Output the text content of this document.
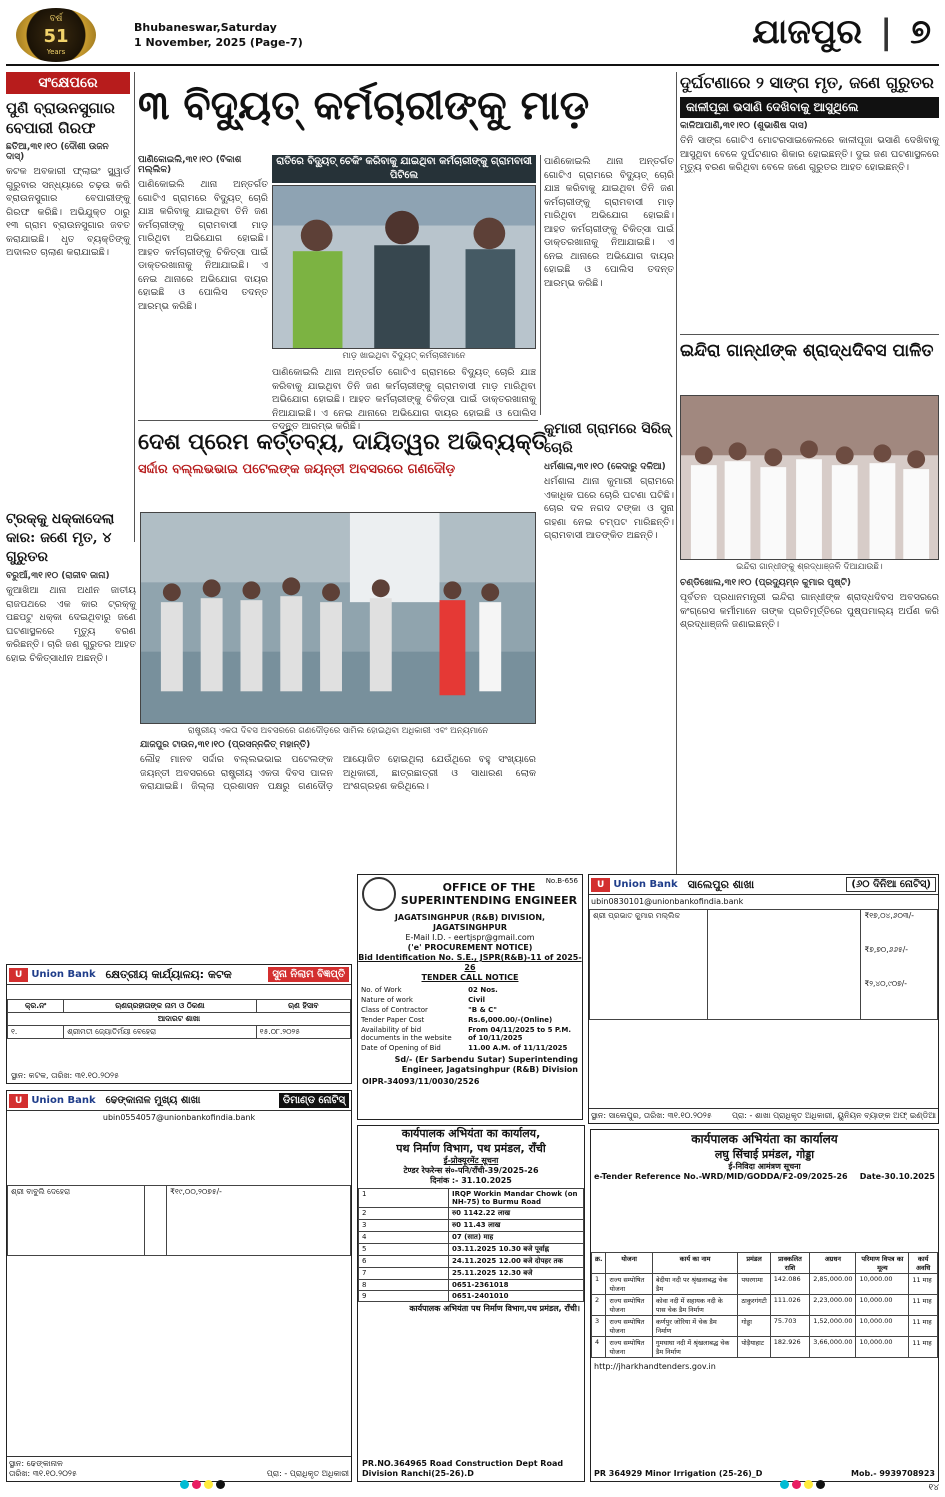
ବର୍ଷ
51
Years
Bhubaneswar,Saturday
1 November, 2025 (Page-7)	ଯାଜପୁର | ୭
ସଂକ୍ଷେପରେ
ପୁଣି ବ୍ରାଉନସୁଗାର ବେପାରୀ ଗିରଫ
ଛତିଆ,୩୧।୧୦ (ଦୌଶୀ ଉଜନ ଦାସ୍)
କଟକ ଅବକାରୀ ଫ୍ଲାଇଂ ସ୍କ୍ୱାର୍ଡ ଗୁରୁବାର ସନ୍ଧ୍ୟାରେ ଚଢ଼ଉ କରି ବ୍ରାଉନସୁଗାର ବେପାରୀଙ୍କୁ ଗିରଫ କରିଛି। ଅଭିଯୁକ୍ତ ଠାରୁ ୧୩ ଗ୍ରାମ ବ୍ରାଉନସୁଗାର ଜବତ କରାଯାଇଛି। ଧୃତ ବ୍ୟକ୍ତିଙ୍କୁ ଅଦାଲତ ଚାଲାଣ କରାଯାଇଛି।
୩ ବିଦ୍ୟୁତ୍ କର୍ମଚାରୀଙ୍କୁ ମାଡ଼
ପାଣିକୋଇଲି,୩୧।୧୦ (ବିକାଶ ମଲ୍ଲିକ)
ପାଣିକୋଇଲି ଥାନା ଅନ୍ତର୍ଗତ ଗୋଟିଏ ଗ୍ରାମରେ ବିଦ୍ୟୁତ୍ ଚୋରି ଯାଞ୍ଚ କରିବାକୁ ଯାଇଥିବା ତିନି ଜଣ କର୍ମଚାରୀଙ୍କୁ ଗ୍ରାମବାସୀ ମାଡ଼ ମାରିଥିବା ଅଭିଯୋଗ ହୋଇଛି। ଆହତ କର୍ମଚାରୀଙ୍କୁ ଚିକିତ୍ସା ପାଇଁ ଡାକ୍ତରଖାନାକୁ ନିଆଯାଇଛି। ଏ ନେଇ ଥାନାରେ ଅଭିଯୋଗ ଦାୟର ହୋଇଛି ଓ ପୋଲିସ ତଦନ୍ତ ଆରମ୍ଭ କରିଛି।
ରାତିରେ ବିଦ୍ୟୁତ୍ ଚେକିଂ କରିବାକୁ ଯାଇଥିବା କର୍ମଚାରୀଙ୍କୁ ଗ୍ରାମବାସୀ ପିଟିଲେ
ମାଡ଼ ଖାଇଥିବା ବିଦ୍ୟୁତ୍ କର୍ମଚାରୀମାନେ
ପାଣିକୋଇଲି ଥାନା ଅନ୍ତର୍ଗତ ଗୋଟିଏ ଗ୍ରାମରେ ବିଦ୍ୟୁତ୍ ଚୋରି ଯାଞ୍ଚ କରିବାକୁ ଯାଇଥିବା ତିନି ଜଣ କର୍ମଚାରୀଙ୍କୁ ଗ୍ରାମବାସୀ ମାଡ଼ ମାରିଥିବା ଅଭିଯୋଗ ହୋଇଛି। ଆହତ କର୍ମଚାରୀଙ୍କୁ ଚିକିତ୍ସା ପାଇଁ ଡାକ୍ତରଖାନାକୁ ନିଆଯାଇଛି। ଏ ନେଇ ଥାନାରେ ଅଭିଯୋଗ ଦାୟର ହୋଇଛି ଓ ପୋଲିସ ତଦନ୍ତ ଆରମ୍ଭ କରିଛି।
ପାଣିକୋଇଲି ଥାନା ଅନ୍ତର୍ଗତ ଗୋଟିଏ ଗ୍ରାମରେ ବିଦ୍ୟୁତ୍ ଚୋରି ଯାଞ୍ଚ କରିବାକୁ ଯାଇଥିବା ତିନି ଜଣ କର୍ମଚାରୀଙ୍କୁ ଗ୍ରାମବାସୀ ମାଡ଼ ମାରିଥିବା ଅଭିଯୋଗ ହୋଇଛି। ଆହତ କର୍ମଚାରୀଙ୍କୁ ଚିକିତ୍ସା ପାଇଁ ଡାକ୍ତରଖାନାକୁ ନିଆଯାଇଛି। ଏ ନେଇ ଥାନାରେ ଅଭିଯୋଗ ଦାୟର ହୋଇଛି ଓ ପୋଲିସ ତଦନ୍ତ ଆରମ୍ଭ କରିଛି।
ଦୁର୍ଘଟଣାରେ ୨ ସାଙ୍ଗ ମୃତ, ଜଣେ ଗୁରୁତର
କାଳୀପୂଜା ଭସାଣି ଦେଖିବାକୁ ଆସୁଥିଲେ
କାଳିଆପାଣି,୩୧।୧୦ (ଶୁଭାଶିଷ ଦାସ)
ତିନି ସାଙ୍ଗ ଗୋଟିଏ ମୋଟରସାଇକେଲରେ କାଳୀପୂଜା ଭସାଣି ଦେଖିବାକୁ ଆସୁଥିବା ବେଳେ ଦୁର୍ଘଟଣାର ଶିକାର ହୋଇଛନ୍ତି। ଦୁଇ ଜଣ ଘଟଣାସ୍ଥଳରେ ମୃତ୍ୟୁ ବରଣ କରିଥିବା ବେଳେ ଜଣେ ଗୁରୁତର ଆହତ ହୋଇଛନ୍ତି।
ଇନ୍ଦିରା ଗାନ୍ଧୀଙ୍କ ଶ୍ରାଦ୍ଧଦିବସ ପାଳିତ
ଇନ୍ଦିରା ଗାନ୍ଧୀଙ୍କୁ ଶ୍ରଦ୍ଧାଞ୍ଜଳି ଦିଆଯାଉଛି।
ଚଣ୍ଡିଖୋଲ,୩୧।୧୦ (ପ୍ରଦ୍ୟୁମ୍ନ କୁମାର ପୃଷ୍ଟି)
ପୂର୍ବତନ ପ୍ରଧାନମନ୍ତ୍ରୀ ଇନ୍ଦିରା ଗାନ୍ଧୀଙ୍କ ଶ୍ରାଦ୍ଧଦିବସ ଅବସରରେ କଂଗ୍ରେସ କର୍ମୀମାନେ ତାଙ୍କ ପ୍ରତିମୂର୍ତ୍ତିରେ ପୁଷ୍ପମାଲ୍ୟ ଅର୍ପଣ କରି ଶ୍ରଦ୍ଧାଞ୍ଜଳି ଜଣାଇଛନ୍ତି।
ଟ୍ରକ୍‌କୁ ଧକ୍କାଦେଲା କାର: ଜଣେ ମୃତ, ୪ ଗୁରୁତର
ବରୁଆଁ,୩୧।୧୦ (ରାଜୀବ ଜାନା)
କୁଆଖିଆ ଥାନା ଅଧୀନ ଜାତୀୟ ରାଜପଥରେ ଏକ କାର ଟ୍ରକ୍‌କୁ ପଛପଟୁ ଧକ୍କା ଦେଇଥିବାରୁ ଜଣେ ଘଟଣାସ୍ଥଳରେ ମୃତ୍ୟୁ ବରଣ କରିଛନ୍ତି। ଚାରି ଜଣ ଗୁରୁତର ଆହତ ହୋଇ ଚିକିତ୍ସାଧୀନ ଅଛନ୍ତି।
ଦେଶ ପ୍ରେମ କର୍ତ୍ତବ୍ୟ, ଦାୟିତ୍ୱର ଅଭିବ୍ୟକ୍ତି
ସର୍ଦ୍ଦାର ବଲ୍ଲଭଭାଇ ପଟେଲଙ୍କ ଜୟନ୍ତୀ ଅବସରରେ ଗଣଦୌଡ଼
ରାଷ୍ଟ୍ରୀୟ ଏକତା ଦିବସ ଅବସରରେ ଗଣଦୌଡ଼ରେ ସାମିଲ ହୋଇଥିବା ଅଧିକାରୀ ଏବଂ ଅନ୍ୟମାନେ
ଯାଜପୁର ଟାଉନ,୩୧।୧୦ (ପ୍ରସନ୍ନଜିତ୍ ମହାନ୍ତି)
ଲୌହ ମାନବ ସର୍ଦ୍ଦାର ବଲ୍ଲଭଭାଇ ପଟେଲଙ୍କ ଜୟନ୍ତୀ ଅବସରରେ ରାଷ୍ଟ୍ରୀୟ ଏକତା ଦିବସ ପାଳନ କରାଯାଇଛି। ଜିଲ୍ଲା ପ୍ରଶାସନ ପକ୍ଷରୁ ଗଣଦୌଡ଼ ଆୟୋଜିତ ହୋଇଥିଲା ଯେଉଁଥିରେ ବହୁ ସଂଖ୍ୟାରେ ଅଧିକାରୀ, ଛାତ୍ରଛାତ୍ରୀ ଓ ସାଧାରଣ ଲୋକ ଅଂଶଗ୍ରହଣ କରିଥିଲେ।
କୁମାରୀ ଗ୍ରାମରେ ସିରିଜ୍ ଚୋରି
ଧର୍ମଶାଳା,୩୧।୧୦ (କେଦାରୁ ଦଳିଆ)
ଧର୍ମଶାଳା ଥାନା କୁମାରୀ ଗ୍ରାମରେ ଏକାଧିକ ଘରେ ଚୋରି ଘଟଣା ଘଟିଛି। ଚୋର ଦଳ ନଗଦ ଟଙ୍କା ଓ ସୁନା ଗହଣା ନେଇ ଚମ୍ପଟ ମାରିଛନ୍ତି। ଗ୍ରାମବାସୀ ଆତଙ୍କିତ ଅଛନ୍ତି।
No.B-656
OFFICE OF THE
SUPERINTENDING ENGINEER
JAGATSINGHPUR (R&B) DIVISION, JAGATSINGHPUR
E-Mail I.D. - eertjspr@gmail.com
('e' PROCUREMENT NOTICE)
Bid Identification No. S.E., JSPR(R&B)-11 of 2025-26
TENDER CALL NOTICE
No. of Work	02 Nos.
Nature of work	Civil
Class of Contractor	"B & C"
Tender Paper Cost	Rs.6,000.00/-(Online)
Availability of bid documents in the website	From 04/11/2025 to 5 P.M. of 10/11/2025
Date of Opening of Bid	11.00 A.M. of 11/11/2025
Sd/- (Er Sarbendu Sutar) Superintending Engineer, Jagatsinghpur (R&B) Division
OIPR-34093/11/0030/2526
U Union Bank ସାଲେପୁର ଶାଖା	(୬୦ ଦିନିଆ ନୋଟିସ୍)
ubin0830101@unionbankofindia.bank
ଶ୍ରୀ ପ୍ରଭାତ କୁମାର ମଲ୍ଲିକ		₹୧୭,୦୪,୬୦୩/-
₹୭,୭୦,୬୬୫/-
₹୨,୪୦,୯୦୭/-
ସ୍ଥାନ: ସାଲେପୁର, ତାରିଖ: ୩୧.୧୦.୨୦୨୫	ପ୍ରା: - ଶାଖା ପ୍ରାଧିକୃତ ଅଧିକାରୀ, ୟୁନିୟନ ବ୍ୟାଙ୍କ ଅଫ୍ ଇଣ୍ଡିଆ
U Union Bank କ୍ଷେତ୍ରୀୟ କାର୍ଯ୍ୟାଳୟ: କଟକ	ସୁନା ନିଲାମ ବିଜ୍ଞପ୍ତି
କ୍ର.ନଂ	ଋଣଗ୍ରହୀତାଙ୍କ ନାମ ଓ ଠିକଣା	ଋଣ ହିସାବ
ଆଦାରଟ ଶାଖା		
୧.	ଶ୍ରୀମତୀ ଜ୍ୟୋତିର୍ମୟୀ ବେହେରା	୧୫.୦୮.୨୦୨୫
ସ୍ଥାନ: କଟକ, ତାରିଖ: ୩୧.୧୦.୨୦୨୫
U Union Bank ଢେଙ୍କାନାଳ ମୁଖ୍ୟ ଶାଖା	ଡିମାଣ୍ଡ ନୋଟିସ୍
ubin0554057@unionbankofindia.bank
ଶ୍ରୀ ବାବୁଲି ଦେହେରା		₹୧୯,୦୦,୨୦୭୫/-
ସ୍ଥାନ: ଢେଙ୍କାନାଳ
ତାରିଖ: ୩୧.୧୦.୨୦୨୫	ପ୍ରା: - ପ୍ରାଧିକୃତ ଅଧିକାରୀ
कार्यपालक अभियंता का कार्यालय,
पथ निर्माण विभाग, पथ प्रमंडल, राँची
ई-प्रोक्यूरमेंट सूचना
टेण्डर रेफरेन्स सं०-पनि/राँची-39/2025-26
दिनांक :- 31.10.2025
1	IRQP Workin Mandar Chowk (on NH-75) to Burmu Road
2	रु0 1142.22 लाख
3	रु0 11.43 लाख
4	07 (सात) माह
5	03.11.2025 10.30 बजे पूर्वाह्न
6	24.11.2025 12.00 बजे दोपहर तक
7	25.11.2025 12.30 बजे
8	0651-2361018
9	0651-2401010
कार्यपालक अभियंता पथ निर्माण विभाग,पथ प्रमंडल, राँची।
PR.NO.364965 Road Construction Dept Road Division Ranchi(25-26).D
कार्यपालक अभियंता का कार्यालय
लघु सिंचाई प्रमंडल, गोड्डा
ई-निविदा आमंत्रण सूचना
e-Tender Reference No.-WRD/MID/GODDA/F2-09/2025-26 Date-30.10.2025
क्र.	योजना	कार्य का नाम	प्रमंडल	प्राक्कलित राशि	अग्रधन	परिमाण विपत्र का मूल्य	कार्य अवधि
1	राज्य सम्पोषित योजना	बेदीया नदी पर श्रृंखलाबद्ध चेक डैम	पथरगामा	142.086	2,85,000.00	10,000.00	11 माह
2	राज्य सम्पोषित योजना	कोवा नदी में सहायक नदी के पास चेक डैम निर्माण	ठाकुरगंगटी	111.026	2,23,000.00	10,000.00	11 माह
3	राज्य सम्पोषित योजना	कर्णपुर जोरिया में चेक डैम निर्माण	गोड्डा	75.703	1,52,000.00	10,000.00	11 माह
4	राज्य सम्पोषित योजना	गुमघाघा नदी में श्रृंखलाबद्ध चेक डैम निर्माण	पोड़ैयाहाट	182.926	3,66,000.00	10,000.00	11 माह
http://jharkhandtenders.gov.in
PR 364929 Minor Irrigation (25-26)_D	Mob.- 9939708923
୧୪
